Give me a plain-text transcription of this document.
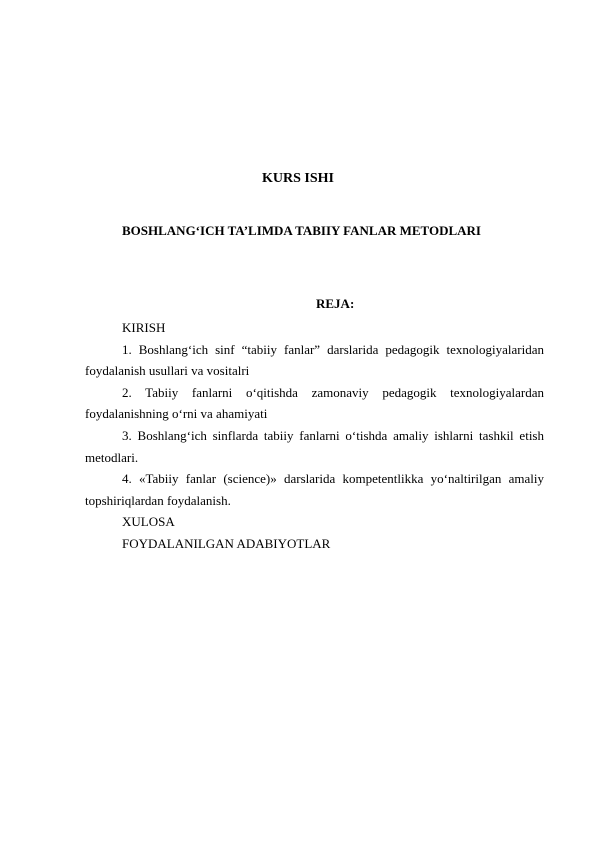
KURS ISHI
BOSHLANG‘ICH TA’LIMDA TABIIY FANLAR METODLARI
REJA:
KIRISH
1. Boshlang‘ich sinf “tabiiy fanlar” darslarida pedagogik texnologiyalaridan
foydalanish usullari va vositalri
2. Tabiiy fanlarni o‘qitishda zamonaviy pedagogik texnologiyalardan
foydalanishning o‘rni va ahamiyati
3. Boshlang‘ich sinflarda tabiiy fanlarni o‘tishda amaliy ishlarni tashkil etish
metodlari.
4. «Tabiiy fanlar (science)» darslarida kompetentlikka yo‘naltirilgan amaliy
topshiriqlardan foydalanish.
XULOSA
FOYDALANILGAN ADABIYOTLAR
